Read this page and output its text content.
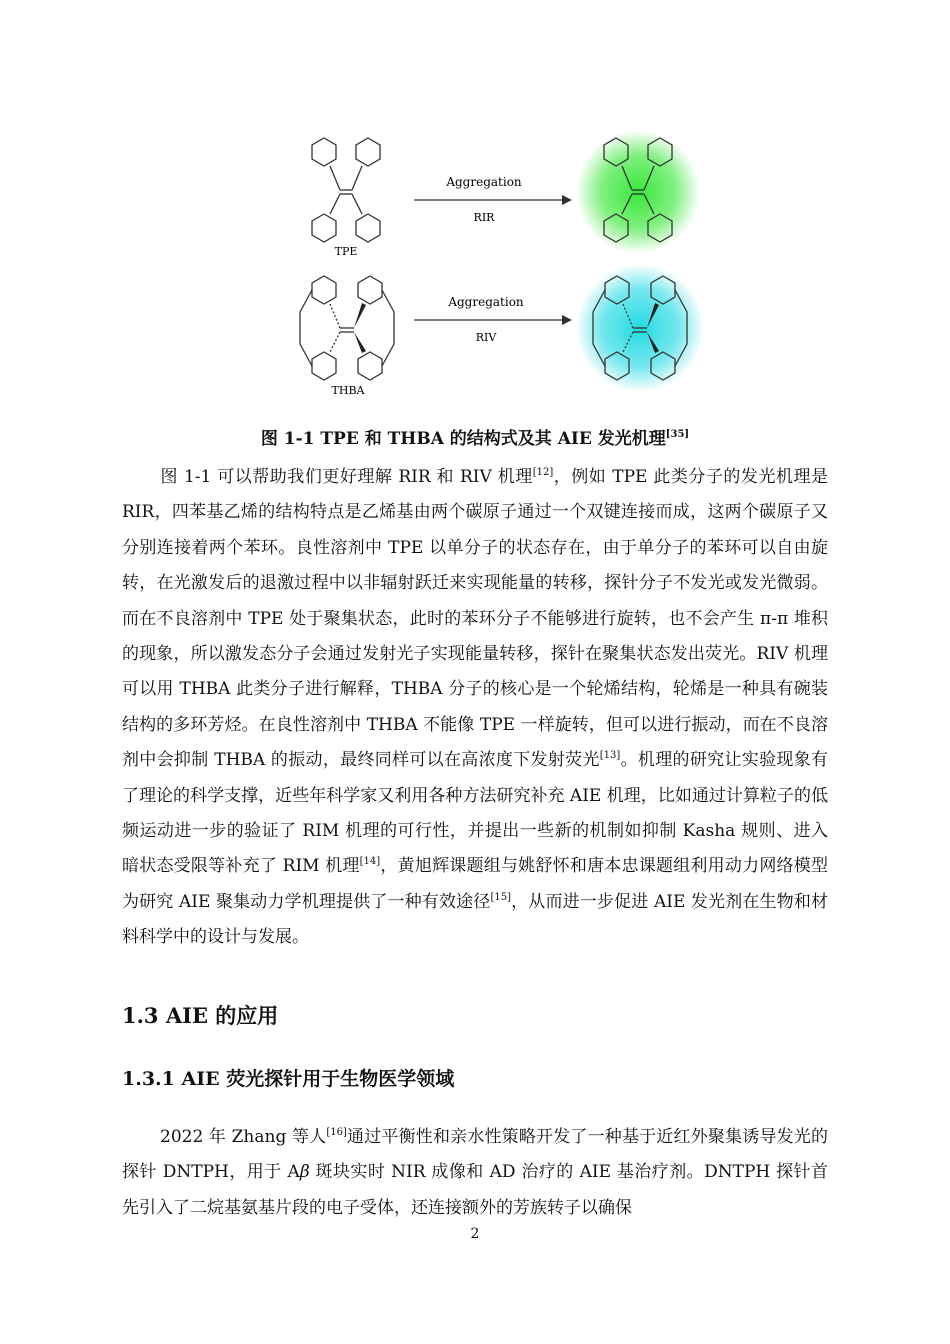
TPE
Aggregation
RIR
THBA
Aggregation
RIV

图 1-1 TPE 和 THBA 的结构式及其 AIE 发光机理[35]

图 1-1 可以帮助我们更好理解 RIR 和 RIV 机理[12]，例如 TPE 此类分子的发光机理是 RIR，四苯基乙烯的结构特点是乙烯基由两个碳原子通过一个双键连接而成，这两个碳原子又分别连接着两个苯环。良性溶剂中 TPE 以单分子的状态存在，由于单分子的苯环可以自由旋转，在光激发后的退激过程中以非辐射跃迁来实现能量的转移，探针分子不发光或发光微弱。而在不良溶剂中 TPE 处于聚集状态，此时的苯环分子不能够进行旋转，也不会产生 π-π 堆积的现象，所以激发态分子会通过发射光子实现能量转移，探针在聚集状态发出荧光。RIV 机理可以用 THBA 此类分子进行解释，THBA 分子的核心是一个轮烯结构，轮烯是一种具有碗装结构的多环芳烃。在良性溶剂中 THBA 不能像 TPE 一样旋转，但可以进行振动，而在不良溶剂中会抑制 THBA 的振动，最终同样可以在高浓度下发射荧光[13]。机理的研究让实验现象有了理论的科学支撑，近些年科学家又利用各种方法研究补充 AIE 机理，比如通过计算粒子的低频运动进一步的验证了 RIM 机理的可行性，并提出一些新的机制如抑制 Kasha 规则、进入暗状态受限等补充了 RIM 机理[14]，黄旭辉课题组与姚舒怀和唐本忠课题组利用动力网络模型为研究 AIE 聚集动力学机理提供了一种有效途径[15]，从而进一步促进 AIE 发光剂在生物和材料科学中的设计与发展。

1.3 AIE 的应用
1.3.1 AIE 荧光探针用于生物医学领域

2022 年 Zhang 等人[16]通过平衡性和亲水性策略开发了一种基于近红外聚集诱导发光的探针 DNTPH，用于 Aβ 斑块实时 NIR 成像和 AD 治疗的 AIE 基治疗剂。DNTPH 探针首先引入了二烷基氨基片段的电子受体，还连接额外的芳族转子以确保

2
